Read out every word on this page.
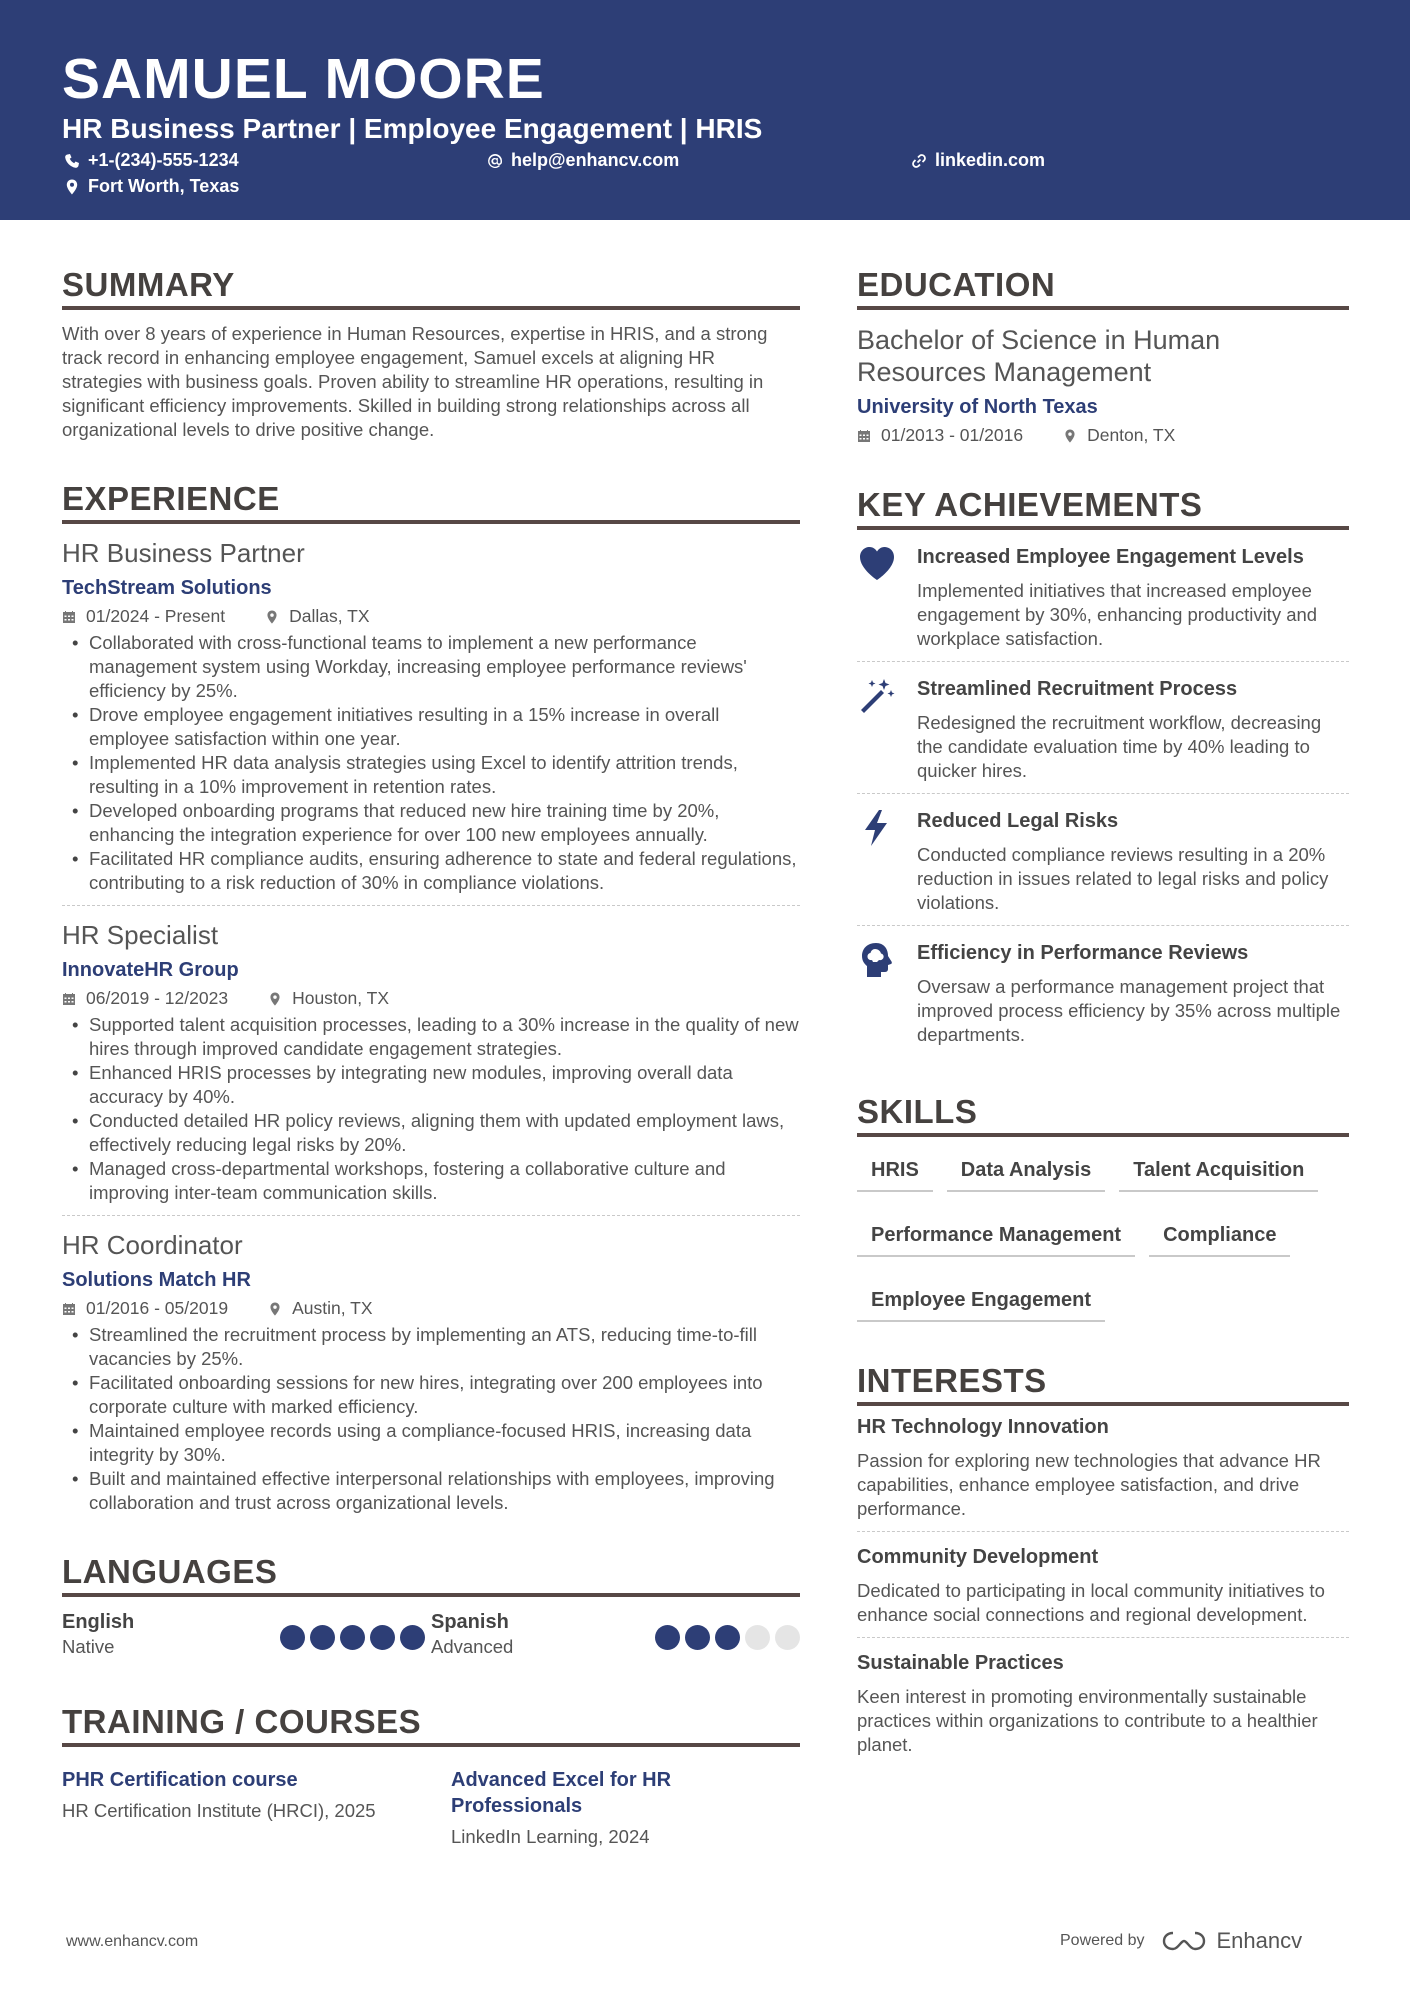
SAMUEL MOORE
HR Business Partner | Employee Engagement | HRIS
+1-(234)-555-1234	help@enhancv.com	linkedin.com
Fort Worth, Texas
SUMMARY

With over 8 years of experience in Human Resources, expertise in HRIS, and a strong track record in enhancing employee engagement, Samuel excels at aligning HR strategies with business goals. Proven ability to streamline HR operations, resulting in significant efficiency improvements. Skilled in building strong relationships across all organizational levels to drive positive change.

EXPERIENCE
HR Business Partner
TechStream Solutions
01/2024 - Present	Dallas, TX
• Collaborated with cross-functional teams to implement a new performance management system using Workday, increasing employee performance reviews' efficiency by 25%.
• Drove employee engagement initiatives resulting in a 15% increase in overall employee satisfaction within one year.
• Implemented HR data analysis strategies using Excel to identify attrition trends, resulting in a 10% improvement in retention rates.
• Developed onboarding programs that reduced new hire training time by 20%, enhancing the integration experience for over 100 new employees annually.
• Facilitated HR compliance audits, ensuring adherence to state and federal regulations, contributing to a risk reduction of 30% in compliance violations.
HR Specialist
InnovateHR Group
06/2019 - 12/2023	Houston, TX
• Supported talent acquisition processes, leading to a 30% increase in the quality of new hires through improved candidate engagement strategies.
• Enhanced HRIS processes by integrating new modules, improving overall data accuracy by 40%.
• Conducted detailed HR policy reviews, aligning them with updated employment laws, effectively reducing legal risks by 20%.
• Managed cross-departmental workshops, fostering a collaborative culture and improving inter-team communication skills.
HR Coordinator
Solutions Match HR
01/2016 - 05/2019	Austin, TX
• Streamlined the recruitment process by implementing an ATS, reducing time-to-fill vacancies by 25%.
• Facilitated onboarding sessions for new hires, integrating over 200 employees into corporate culture with marked efficiency.
• Maintained employee records using a compliance-focused HRIS, increasing data integrity by 30%.
• Built and maintained effective interpersonal relationships with employees, improving collaboration and trust across organizational levels.
LANGUAGES
English
Native
Spanish
Advanced
TRAINING / COURSES
PHR Certification course
HR Certification Institute (HRCI), 2025
Advanced Excel for HR Professionals
LinkedIn Learning, 2024
EDUCATION
Bachelor of Science in Human Resources Management
University of North Texas
01/2013 - 01/2016	Denton, TX
KEY ACHIEVEMENTS
Increased Employee Engagement Levels
Implemented initiatives that increased employee engagement by 30%, enhancing productivity and workplace satisfaction.
Streamlined Recruitment Process
Redesigned the recruitment workflow, decreasing the candidate evaluation time by 40% leading to quicker hires.
Reduced Legal Risks
Conducted compliance reviews resulting in a 20% reduction in issues related to legal risks and policy violations.
Efficiency in Performance Reviews
Oversaw a performance management project that improved process efficiency by 35% across multiple departments.
SKILLS
HRIS	Data Analysis	Talent Acquisition
Performance Management	Compliance
Employee Engagement
INTERESTS
HR Technology Innovation
Passion for exploring new technologies that advance HR capabilities, enhance employee satisfaction, and drive performance.
Community Development
Dedicated to participating in local community initiatives to enhance social connections and regional development.
Sustainable Practices
Keen interest in promoting environmentally sustainable practices within organizations to contribute to a healthier planet.
www.enhancv.com	Powered by	Enhancv
